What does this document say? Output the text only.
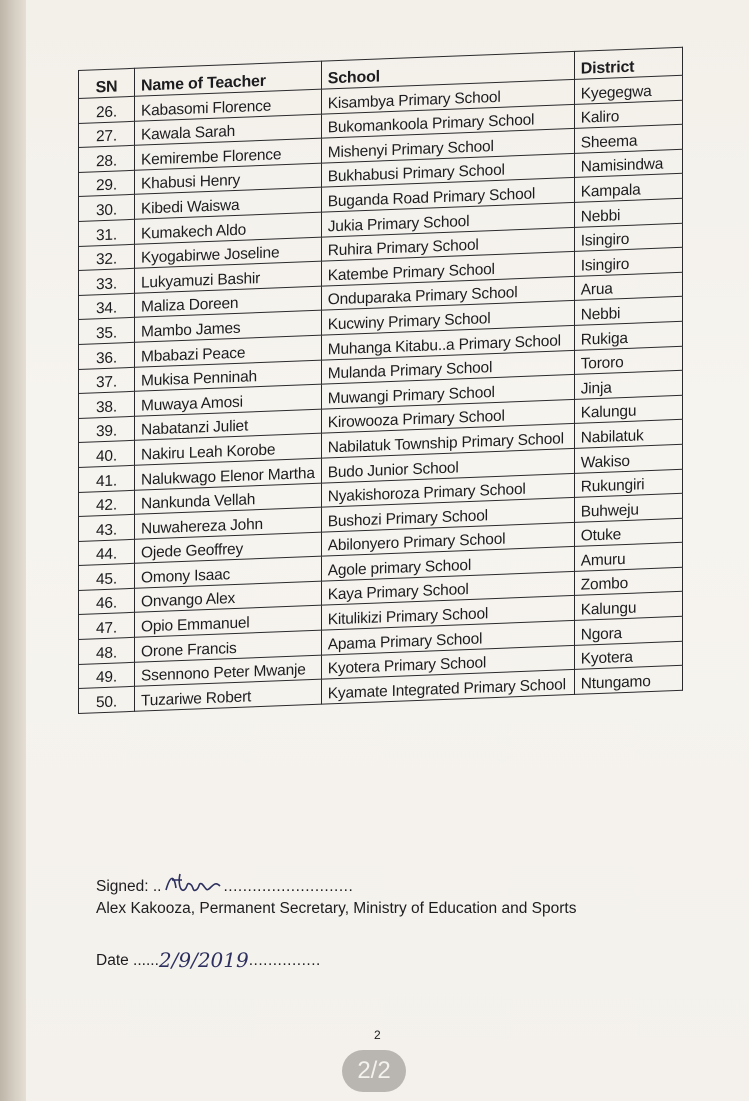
SN	Name of Teacher	School	District
26.	Kabasomi Florence	Kisambya Primary School	Kyegegwa
27.	Kawala Sarah	Bukomankoola Primary School	Kaliro
28.	Kemirembe Florence	Mishenyi Primary School	Sheema
29.	Khabusi Henry	Bukhabusi Primary School	Namisindwa
30.	Kibedi Waiswa	Buganda Road Primary School	Kampala
31.	Kumakech Aldo	Jukia Primary School	Nebbi
32.	Kyogabirwe Joseline	Ruhira Primary School	Isingiro
33.	Lukyamuzi Bashir	Katembe Primary School	Isingiro
34.	Maliza Doreen	Onduparaka Primary School	Arua
35.	Mambo James	Kucwiny Primary School	Nebbi
36.	Mbabazi Peace	Muhanga Kitabu..a Primary School	Rukiga
37.	Mukisa Penninah	Mulanda Primary School	Tororo
38.	Muwaya Amosi	Muwangi Primary School	Jinja
39.	Nabatanzi Juliet	Kirowooza Primary School	Kalungu
40.	Nakiru Leah Korobe	Nabilatuk Township Primary School	Nabilatuk
41.	Nalukwago Elenor Martha	Budo Junior School	Wakiso
42.	Nankunda Vellah	Nyakishoroza Primary School	Rukungiri
43.	Nuwahereza John	Bushozi Primary School	Buhweju
44.	Ojede Geoffrey	Abilonyero Primary School	Otuke
45.	Omony Isaac	Agole primary School	Amuru
46.	Onvango Alex	Kaya Primary School	Zombo
47.	Opio Emmanuel	Kitulikizi Primary School	Kalungu
48.	Orone Francis	Apama Primary School	Ngora
49.	Ssennono Peter Mwanje	Kyotera Primary School	Kyotera
50.	Tuzariwe Robert	Kyamate Integrated Primary School	Ntungamo
Signed: ..	...........................
Alex Kakooza, Permanent Secretary, Ministry of Education and Sports
Date ...... 2/9/2019 ...............
2
2/2
